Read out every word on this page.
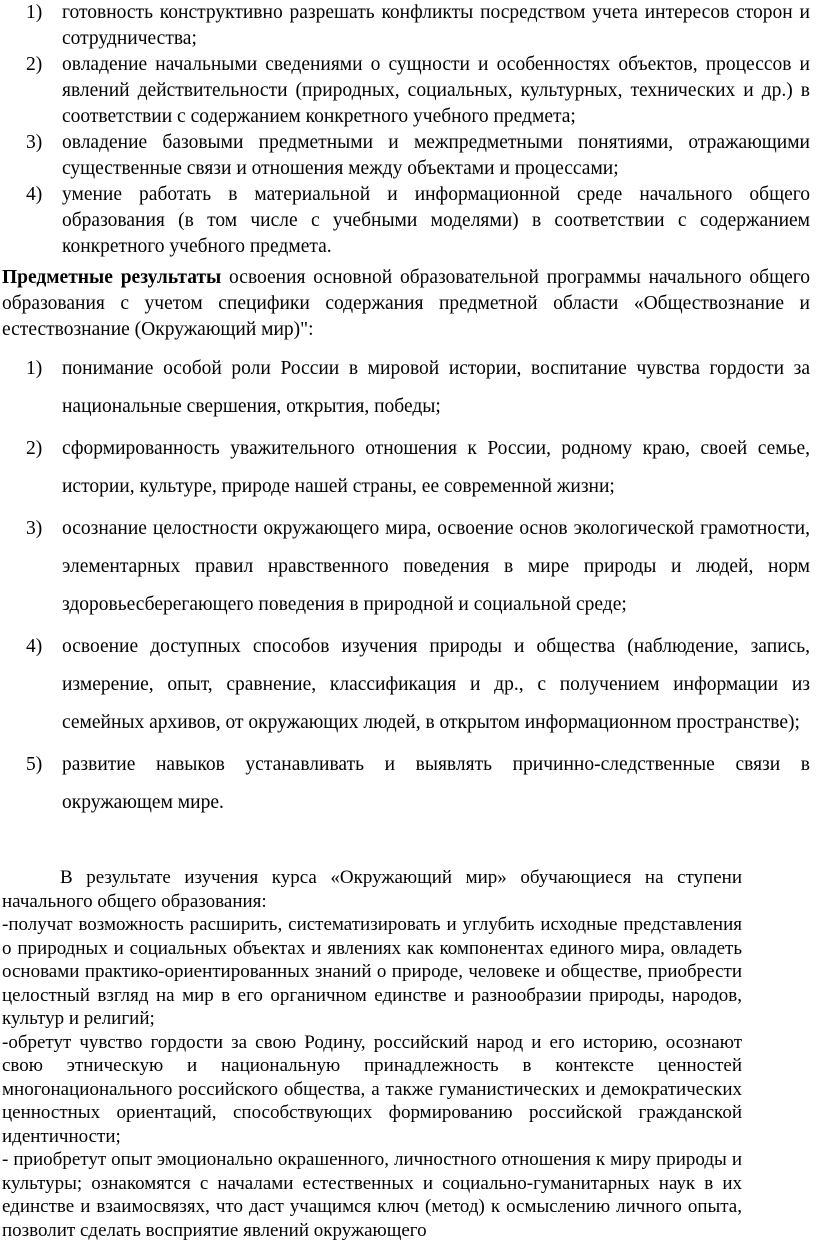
1) готовность конструктивно разрешать конфликты посредством учета интересов сторон и сотрудничества;
2) овладение начальными сведениями о сущности и особенностях объектов, процессов и явлений действительности (природных, социальных, культурных, технических и др.) в соответствии с содержанием конкретного учебного предмета;
3) овладение базовыми предметными и межпредметными понятиями, отражающими существенные связи и отношения между объектами и процессами;
4) умение работать в материальной и информационной среде начального общего образования (в том числе с учебными моделями) в соответствии с содержанием конкретного учебного предмета.

Предметные результаты освоения основной образовательной программы начального общего образования с учетом специфики содержания предметной области «Обществознание и естествознание (Окружающий мир)":

1) понимание особой роли России в мировой истории, воспитание чувства гордости за национальные свершения, открытия, победы;
2) сформированность уважительного отношения к России, родному краю, своей семье, истории, культуре, природе нашей страны, ее современной жизни;
3) осознание целостности окружающего мира, освоение основ экологической грамотности, элементарных правил нравственного поведения в мире природы и людей, норм здоровьесберегающего поведения в природной и социальной среде;
4) освоение доступных способов изучения природы и общества (наблюдение, запись, измерение, опыт, сравнение, классификация и др., с получением информации из семейных архивов, от окружающих людей, в открытом информационном пространстве);
5) развитие навыков устанавливать и выявлять причинно-следственные связи в окружающем мире.

В результате изучения курса «Окружающий мир» обучающиеся на ступени начального общего образования:

-получат возможность расширить, систематизировать и углубить исходные представления о природных и социальных объектах и явлениях как компонентах единого мира, овладеть основами практико-ориентированных знаний о природе, человеке и обществе, приобрести целостный взгляд на мир в его органичном единстве и разнообразии природы, народов, культур и религий;

-обретут чувство гордости за свою Родину, российский народ и его историю, осознают свою этническую и национальную принадлежность в контексте ценностей многонационального российского общества, а также гуманистических и демократических ценностных ориентаций, способствующих формированию российской гражданской идентичности;

- приобретут опыт эмоционально окрашенного, личностного отношения к миру природы и культуры; ознакомятся с началами естественных и социально-гуманитарных наук в их единстве и взаимосвязях, что даст учащимся ключ (метод) к осмыслению личного опыта, позволит сделать восприятие явлений окружающего
